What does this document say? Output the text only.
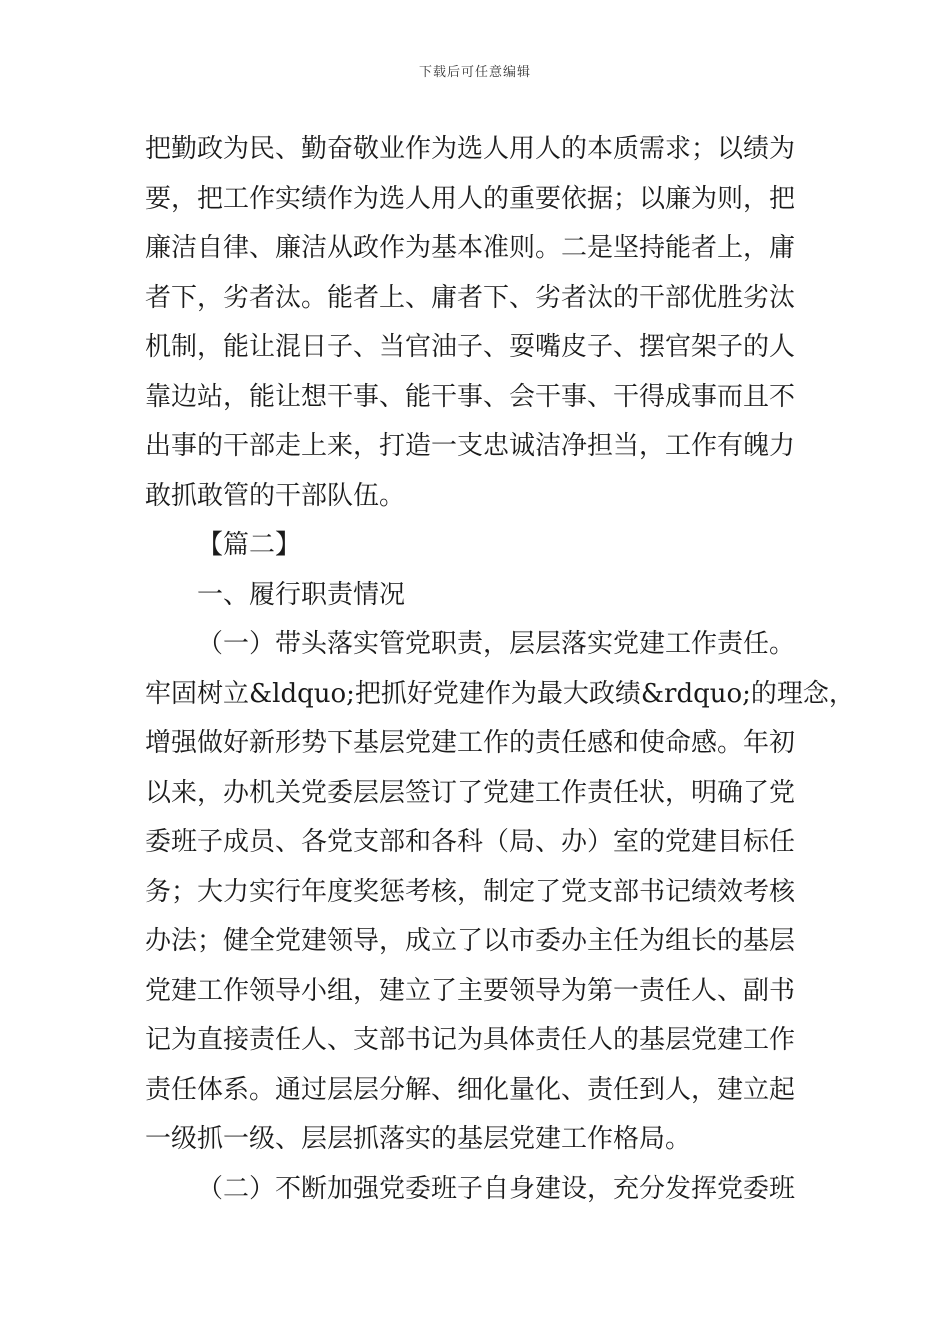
下载后可任意编辑
把勤政为民、勤奋敬业作为选人用人的本质需求；以绩为
要，把工作实绩作为选人用人的重要依据；以廉为则，把
廉洁自律、廉洁从政作为基本准则。二是坚持能者上，庸
者下，劣者汰。能者上、庸者下、劣者汰的干部优胜劣汰
机制，能让混日子、当官油子、耍嘴皮子、摆官架子的人
靠边站，能让想干事、能干事、会干事、干得成事而且不
出事的干部走上来，打造一支忠诚洁净担当，工作有魄力
敢抓敢管的干部队伍。
【篇二】
一、履行职责情况
（一）带头落实管党职责，层层落实党建工作责任。
牢固树立&ldquo;把抓好党建作为最大政绩&rdquo;的理念，
增强做好新形势下基层党建工作的责任感和使命感。年初
以来，办机关党委层层签订了党建工作责任状，明确了党
委班子成员、各党支部和各科（局、办）室的党建目标任
务；大力实行年度奖惩考核，制定了党支部书记绩效考核
办法；健全党建领导，成立了以市委办主任为组长的基层
党建工作领导小组，建立了主要领导为第一责任人、副书
记为直接责任人、支部书记为具体责任人的基层党建工作
责任体系。通过层层分解、细化量化、责任到人，建立起
一级抓一级、层层抓落实的基层党建工作格局。
（二）不断加强党委班子自身建设，充分发挥党委班
